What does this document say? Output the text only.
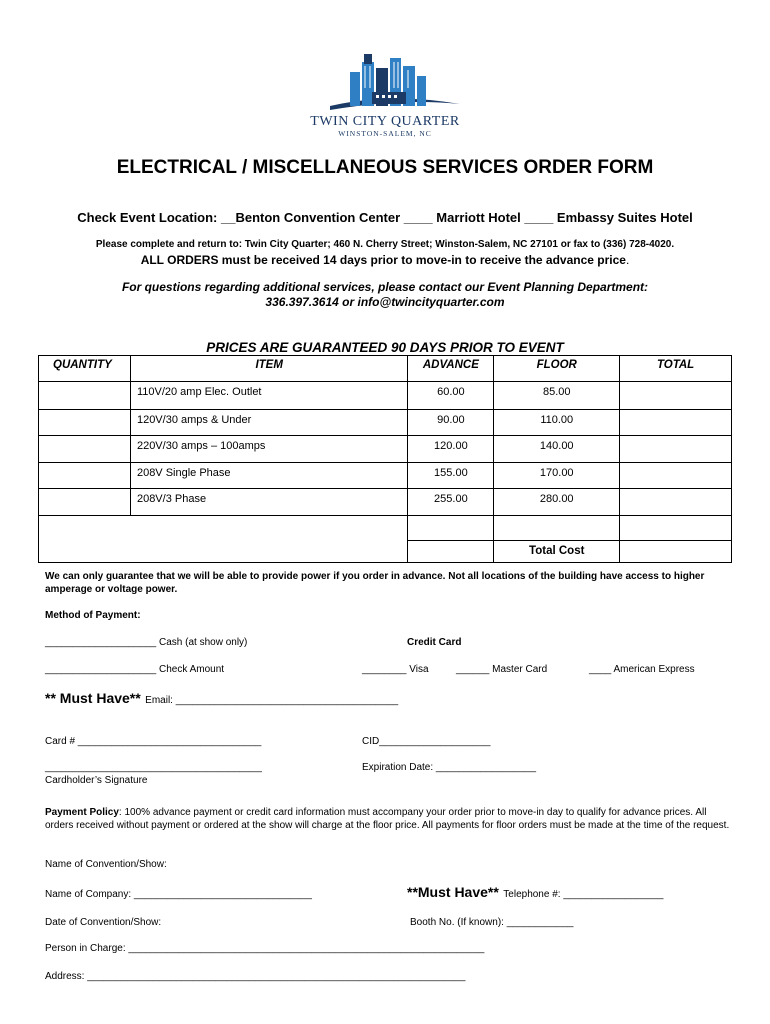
TWIN CITY QUARTER
WINSTON-SALEM, NC
ELECTRICAL / MISCELLANEOUS SERVICES ORDER FORM
Check Event Location: __Benton Convention Center ____ Marriott Hotel ____ Embassy Suites Hotel
Please complete and return to: Twin City Quarter; 460 N. Cherry Street; Winston-Salem, NC 27101 or fax to (336) 728-4020.
ALL ORDERS must be received 14 days prior to move-in to receive the advance price.
For questions regarding additional services, please contact our Event Planning Department:
336.397.3614 or info@twincityquarter.com
PRICES ARE GUARANTEED 90 DAYS PRIOR TO EVENT
QUANTITY	ITEM	ADVANCE	FLOOR	TOTAL
	110V/20 amp Elec. Outlet	60.00	85.00	
	120V/30 amps & Under	90.00	110.00	
	220V/30 amps – 100amps	120.00	140.00	
	208V Single Phase	155.00	170.00	
	208V/3 Phase	255.00	280.00	

			Total Cost	
We can only guarantee that we will be able to provide power if you order in advance. Not all locations of the building have access to higher amperage or voltage power.
Method of Payment:
____________________ Cash (at show only)	Credit Card
____________________ Check Amount	________ Visa	______ Master Card	____ American Express
** Must Have** Email: ________________________________________
Card # _________________________________	CID____________________
_______________________________________	Expiration Date: __________________
Cardholder’s Signature
Payment Policy: 100% advance payment or credit card information must accompany your order prior to move-in day to qualify for advance prices. All orders received without payment or ordered at the show will charge at the floor price. All payments for floor orders must be made at the time of the request.
Name of Convention/Show:
Name of Company: ________________________________	**Must Have** Telephone #: __________________
Date of Convention/Show:	Booth No. (If known): ____________
Person in Charge: ________________________________________________________________
Address: ____________________________________________________________________
